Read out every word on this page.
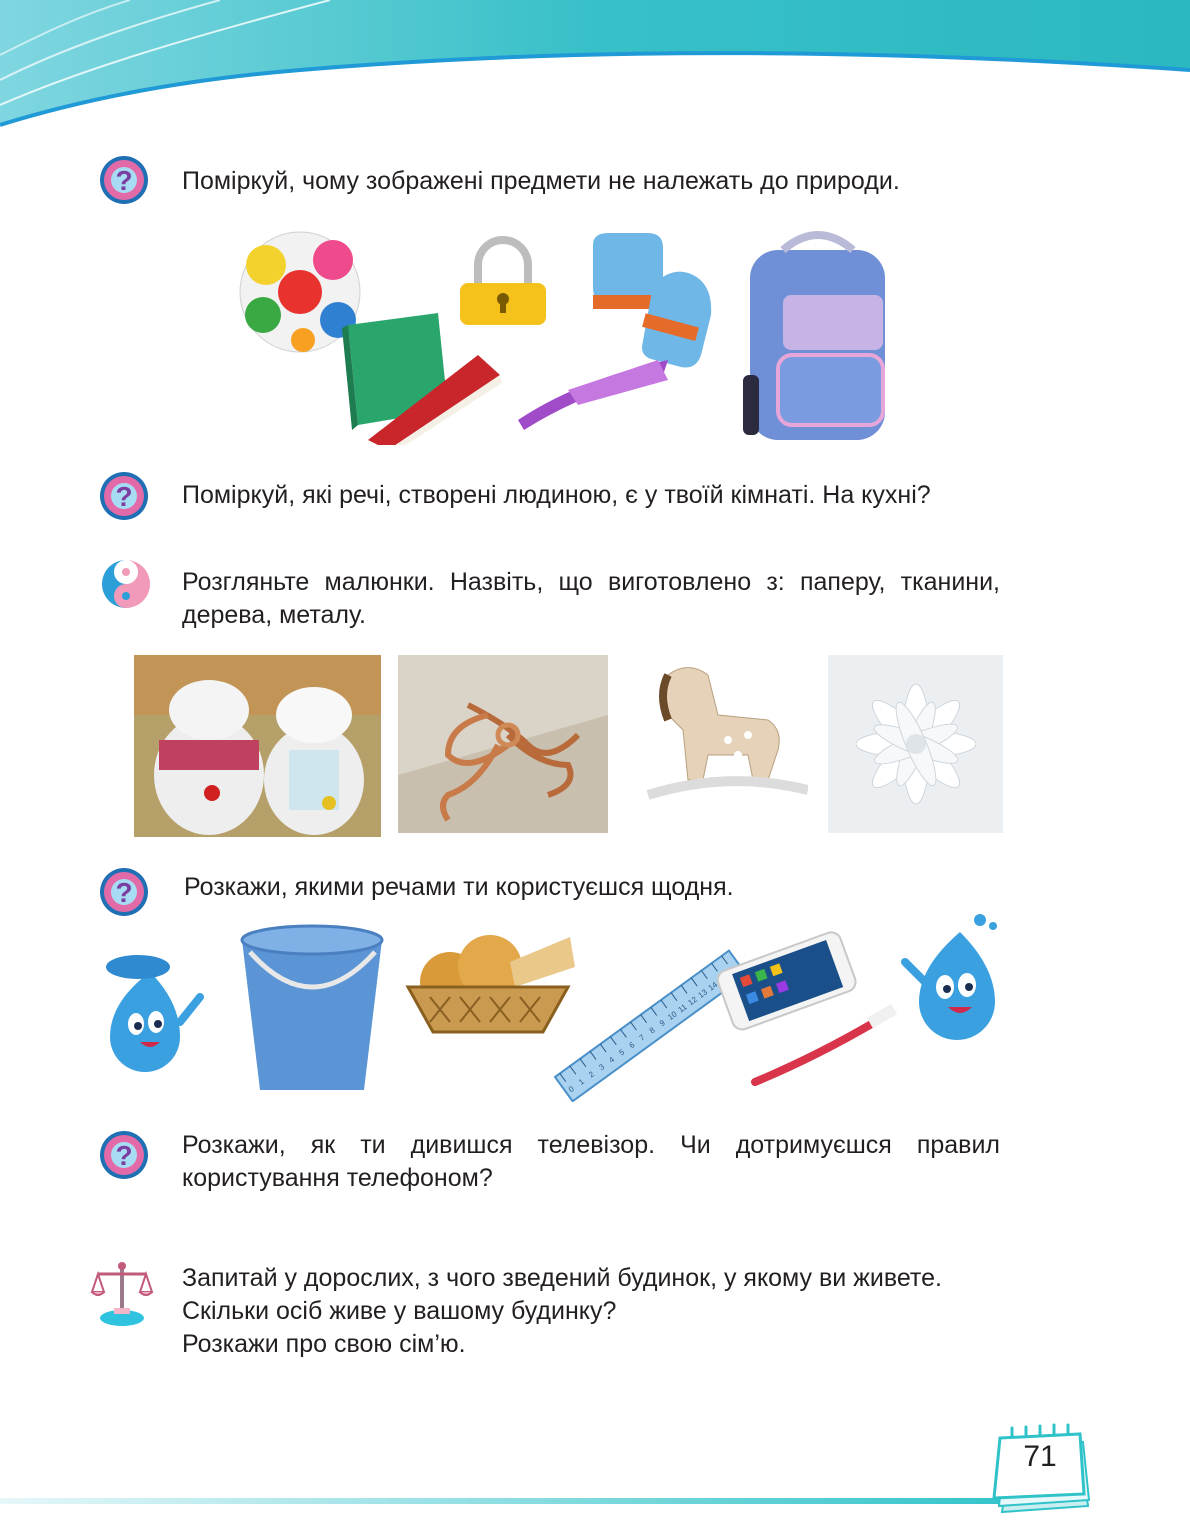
? Поміркуй, чому зображені предмети не належать до природи.
? Поміркуй, які речі, створені людиною, є у твоїй кімнаті. На кухні?
Розгляньте малюнки. Назвіть, що виготовлено з: паперу, тканини, дерева, металу.
? Розкажи, якими речами ти користуєшся щодня.
0
1
2
3
4
5
6
7
8
9
10
11
12
13
14
? Розкажи, як ти дивишся телевізор. Чи дотримуєшся правил користування телефоном?
Запитай у дорослих, з чого зведений будинок, у якому ви живете.
Скільки осіб живе у вашому будинку?
Розкажи про свою сім’ю.
71
